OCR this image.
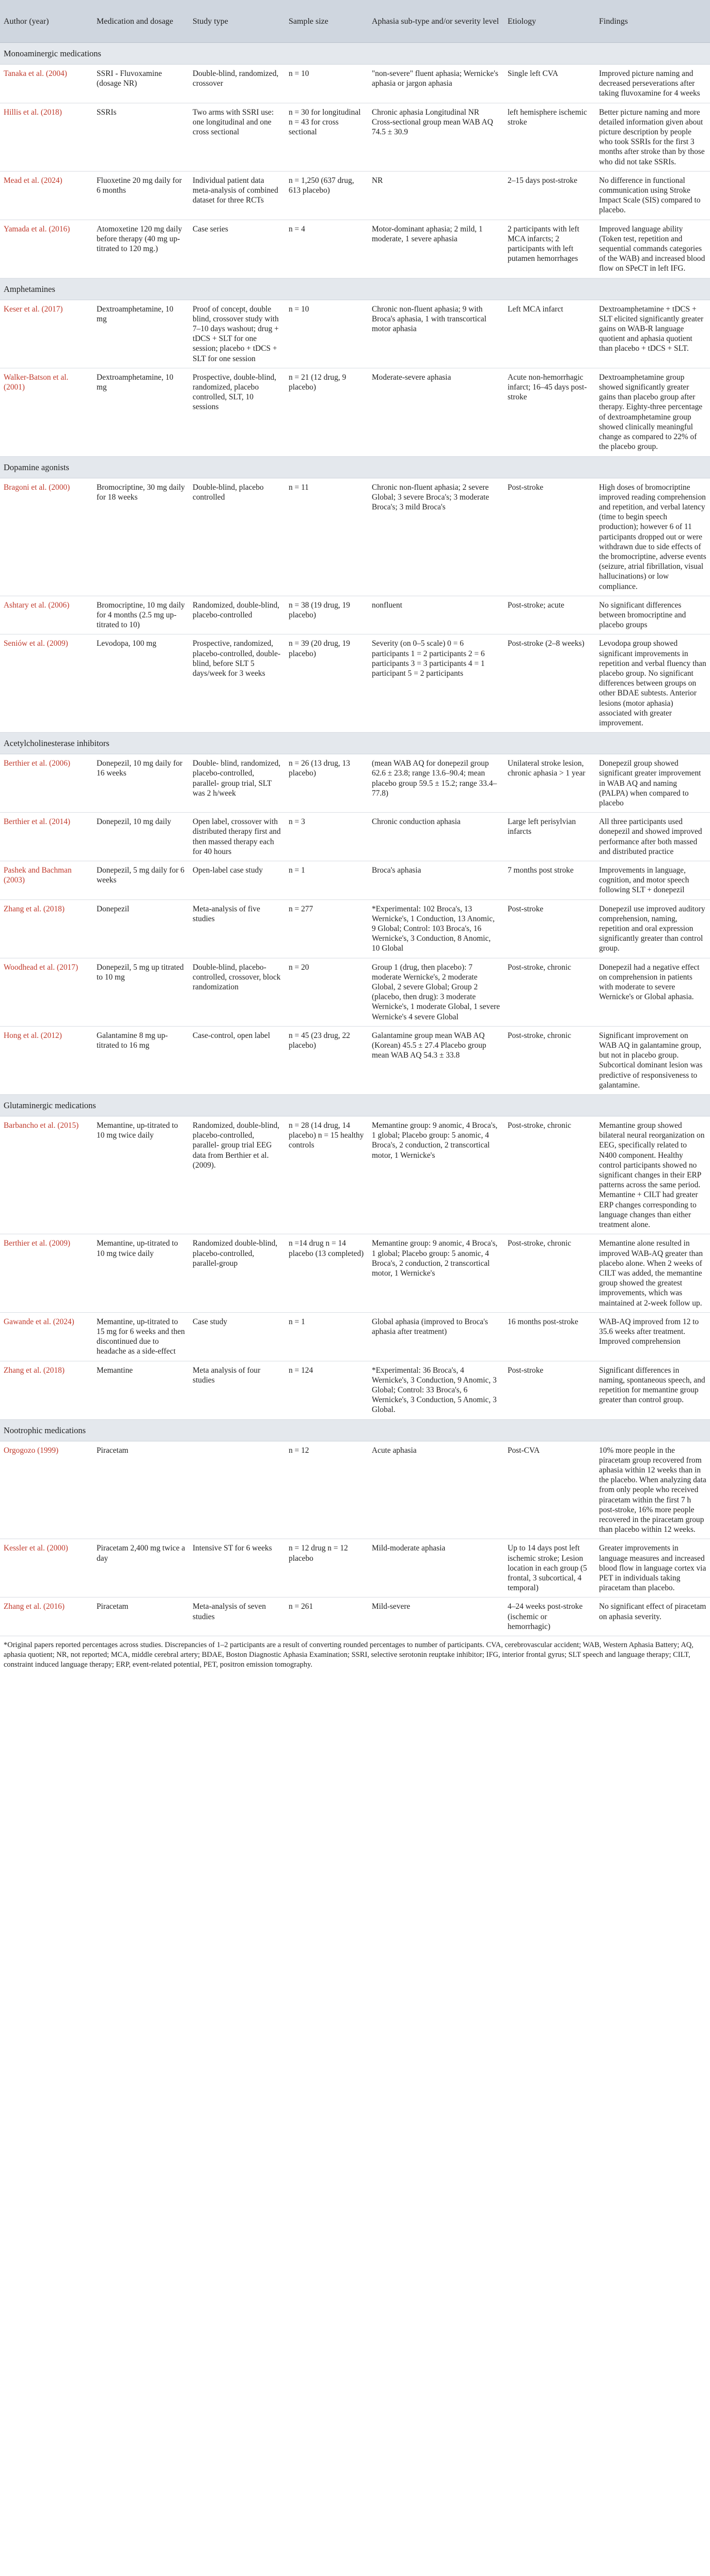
Author (year)	Medication and dosage	Study type	Sample size	Aphasia sub-type and/or severity level	Etiology	Findings
Monoaminergic medications						
Tanaka et al. (2004)	SSRI - Fluvoxamine (dosage NR)	Double-blind, randomized, crossover	n = 10	"non-severe" fluent aphasia; Wernicke's aphasia or jargon aphasia	Single left CVA	Improved picture naming and decreased perseverations after taking fluvoxamine for 4 weeks
Hillis et al. (2018)	SSRIs	Two arms with SSRI use: one longitudinal and one cross sectional	n = 30 for longitudinal n = 43 for cross sectional	Chronic aphasia Longitudinal NR Cross-sectional group mean WAB AQ 74.5 ± 30.9	left hemisphere ischemic stroke	Better picture naming and more detailed information given about picture description by people who took SSRIs for the first 3 months after stroke than by those who did not take SSRIs.
Mead et al. (2024)	Fluoxetine 20 mg daily for 6 months	Individual patient data meta-analysis of combined dataset for three RCTs	n = 1,250 (637 drug, 613 placebo)	NR	2–15 days post-stroke	No difference in functional communication using Stroke Impact Scale (SIS) compared to placebo.
Yamada et al. (2016)	Atomoxetine 120 mg daily before therapy (40 mg up-titrated to 120 mg.)	Case series	n = 4	Motor-dominant aphasia; 2 mild, 1 moderate, 1 severe aphasia	2 participants with left MCA infarcts; 2 participants with left putamen hemorrhages	Improved language ability (Token test, repetition and sequential commands categories of the WAB) and increased blood flow on SPeCT in left IFG.
Amphetamines						
Keser et al. (2017)	Dextroamphetamine, 10 mg	Proof of concept, double blind, crossover study with 7–10 days washout; drug + tDCS + SLT for one session; placebo + tDCS + SLT for one session	n = 10	Chronic non-fluent aphasia; 9 with Broca's aphasia, 1 with transcortical motor aphasia	Left MCA infarct	Dextroamphetamine + tDCS + SLT elicited significantly greater gains on WAB-R language quotient and aphasia quotient than placebo + tDCS + SLT.
Walker-Batson et al. (2001)	Dextroamphetamine, 10 mg	Prospective, double-blind, randomized, placebo controlled, SLT, 10 sessions	n = 21 (12 drug, 9 placebo)	Moderate-severe aphasia	Acute non-hemorrhagic infarct; 16–45 days post-stroke	Dextroamphetamine group showed significantly greater gains than placebo group after therapy. Eighty-three percentage of dextroamphetamine group showed clinically meaningful change as compared to 22% of the placebo group.
Dopamine agonists						
Bragoni et al. (2000)	Bromocriptine, 30 mg daily for 18 weeks	Double-blind, placebo controlled	n = 11	Chronic non-fluent aphasia; 2 severe Global; 3 severe Broca's; 3 moderate Broca's; 3 mild Broca's	Post-stroke	High doses of bromocriptine improved reading comprehension and repetition, and verbal latency (time to begin speech production); however 6 of 11 participants dropped out or were withdrawn due to side effects of the bromocriptine, adverse events (seizure, atrial fibrillation, visual hallucinations) or low compliance.
Ashtary et al. (2006)	Bromocriptine, 10 mg daily for 4 months (2.5 mg up-titrated to 10)	Randomized, double-blind, placebo-controlled	n = 38 (19 drug, 19 placebo)	nonfluent	Post-stroke; acute	No significant differences between bromocriptine and placebo groups
Seniów et al. (2009)	Levodopa, 100 mg	Prospective, randomized, placebo-controlled, double-blind, before SLT 5 days/week for 3 weeks	n = 39 (20 drug, 19 placebo)	Severity (on 0–5 scale) 0 = 6 participants 1 = 2 participants 2 = 6 participants 3 = 3 participants 4 = 1 participant 5 = 2 participants	Post-stroke (2–8 weeks)	Levodopa group showed significant improvements in repetition and verbal fluency than placebo group. No significant differences between groups on other BDAE subtests. Anterior lesions (motor aphasia) associated with greater improvement.
Acetylcholinesterase inhibitors						
Berthier et al. (2006)	Donepezil, 10 mg daily for 16 weeks	Double- blind, randomized, placebo-controlled, parallel- group trial, SLT was 2 h/week	n = 26 (13 drug, 13 placebo)	(mean WAB AQ for donepezil group 62.6 ± 23.8; range 13.6–90.4; mean placebo group 59.5 ± 15.2; range 33.4–77.8)	Unilateral stroke lesion, chronic aphasia > 1 year	Donepezil group showed significant greater improvement in WAB AQ and naming (PALPA) when compared to placebo
Berthier et al. (2014)	Donepezil, 10 mg daily	Open label, crossover with distributed therapy first and then massed therapy each for 40 hours	n = 3	Chronic conduction aphasia	Large left perisylvian infarcts	All three participants used donepezil and showed improved performance after both massed and distributed practice
Pashek and Bachman (2003)	Donepezil, 5 mg daily for 6 weeks	Open-label case study	n = 1	Broca's aphasia	7 months post stroke	Improvements in language, cognition, and motor speech following SLT + donepezil
Zhang et al. (2018)	Donepezil	Meta-analysis of five studies	n = 277	*Experimental: 102 Broca's, 13 Wernicke's, 1 Conduction, 13 Anomic, 9 Global; Control: 103 Broca's, 16 Wernicke's, 3 Conduction, 8 Anomic, 10 Global	Post-stroke	Donepezil use improved auditory comprehension, naming, repetition and oral expression significantly greater than control group.
Woodhead et al. (2017)	Donepezil, 5 mg up titrated to 10 mg	Double-blind, placebo-controlled, crossover, block randomization	n = 20	Group 1 (drug, then placebo): 7 moderate Wernicke's, 2 moderate Global, 2 severe Global; Group 2 (placebo, then drug): 3 moderate Wernicke's, 1 moderate Global, 1 severe Wernicke's 4 severe Global	Post-stroke, chronic	Donepezil had a negative effect on comprehension in patients with moderate to severe Wernicke's or Global aphasia.
Hong et al. (2012)	Galantamine 8 mg up-titrated to 16 mg	Case-control, open label	n = 45 (23 drug, 22 placebo)	Galantamine group mean WAB AQ (Korean) 45.5 ± 27.4 Placebo group mean WAB AQ 54.3 ± 33.8	Post-stroke, chronic	Significant improvement on WAB AQ in galantamine group, but not in placebo group. Subcortical dominant lesion was predictive of responsiveness to galantamine.
Glutaminergic medications						
Barbancho et al. (2015)	Memantine, up-titrated to 10 mg twice daily	Randomized, double-blind, placebo-controlled, parallel- group trial EEG data from Berthier et al. (2009).	n = 28 (14 drug, 14 placebo) n = 15 healthy controls	Memantine group: 9 anomic, 4 Broca's, 1 global; Placebo group: 5 anomic, 4 Broca's, 2 conduction, 2 transcortical motor, 1 Wernicke's	Post-stroke, chronic	Memantine group showed bilateral neural reorganization on EEG, specifically related to N400 component. Healthy control participants showed no significant changes in their ERP patterns across the same period. Memantine + CILT had greater ERP changes corresponding to language changes than either treatment alone.
Berthier et al. (2009)	Memantine, up-titrated to 10 mg twice daily	Randomized double-blind, placebo-controlled, parallel-group	n =14 drug n = 14 placebo (13 completed)	Memantine group: 9 anomic, 4 Broca's, 1 global; Placebo group: 5 anomic, 4 Broca's, 2 conduction, 2 transcortical motor, 1 Wernicke's	Post-stroke, chronic	Memantine alone resulted in improved WAB-AQ greater than placebo alone. When 2 weeks of CILT was added, the memantine group showed the greatest improvements, which was maintained at 2-week follow up.
Gawande et al. (2024)	Memantine, up-titrated to 15 mg for 6 weeks and then discontinued due to headache as a side-effect	Case study	n = 1	Global aphasia (improved to Broca's aphasia after treatment)	16 months post-stroke	WAB-AQ improved from 12 to 35.6 weeks after treatment. Improved comprehension
Zhang et al. (2018)	Memantine	Meta analysis of four studies	n = 124	*Experimental: 36 Broca's, 4 Wernicke's, 3 Conduction, 9 Anomic, 3 Global; Control: 33 Broca's, 6 Wernicke's, 3 Conduction, 5 Anomic, 3 Global.	Post-stroke	Significant differences in naming, spontaneous speech, and repetition for memantine group greater than control group.
Nootrophic medications						
Orgogozo (1999)	Piracetam		n = 12	Acute aphasia	Post-CVA	10% more people in the piracetam group recovered from aphasia within 12 weeks than in the placebo. When analyzing data from only people who received piracetam within the first 7 h post-stroke, 16% more people recovered in the piracetam group than placebo within 12 weeks.
Kessler et al. (2000)	Piracetam 2,400 mg twice a day	Intensive ST for 6 weeks	n = 12 drug n = 12 placebo	Mild-moderate aphasia	Up to 14 days post left ischemic stroke; Lesion location in each group (5 frontal, 3 subcortical, 4 temporal)	Greater improvements in language measures and increased blood flow in language cortex via PET in individuals taking piracetam than placebo.
Zhang et al. (2016)	Piracetam	Meta-analysis of seven studies	n = 261	Mild-severe	4–24 weeks post-stroke (ischemic or hemorrhagic)	No significant effect of piracetam on aphasia severity.
*Original papers reported percentages across studies. Discrepancies of 1–2 participants are a result of converting rounded percentages to number of participants. CVA, cerebrovascular accident; WAB, Western Aphasia Battery; AQ, aphasia quotient; NR, not reported; MCA, middle cerebral artery; BDAE, Boston Diagnostic Aphasia Examination; SSRI, selective serotonin reuptake inhibitor; IFG, interior frontal gyrus; SLT speech and language therapy; CILT, constraint induced language therapy; ERP, event-related potential, PET, positron emission tomography.
